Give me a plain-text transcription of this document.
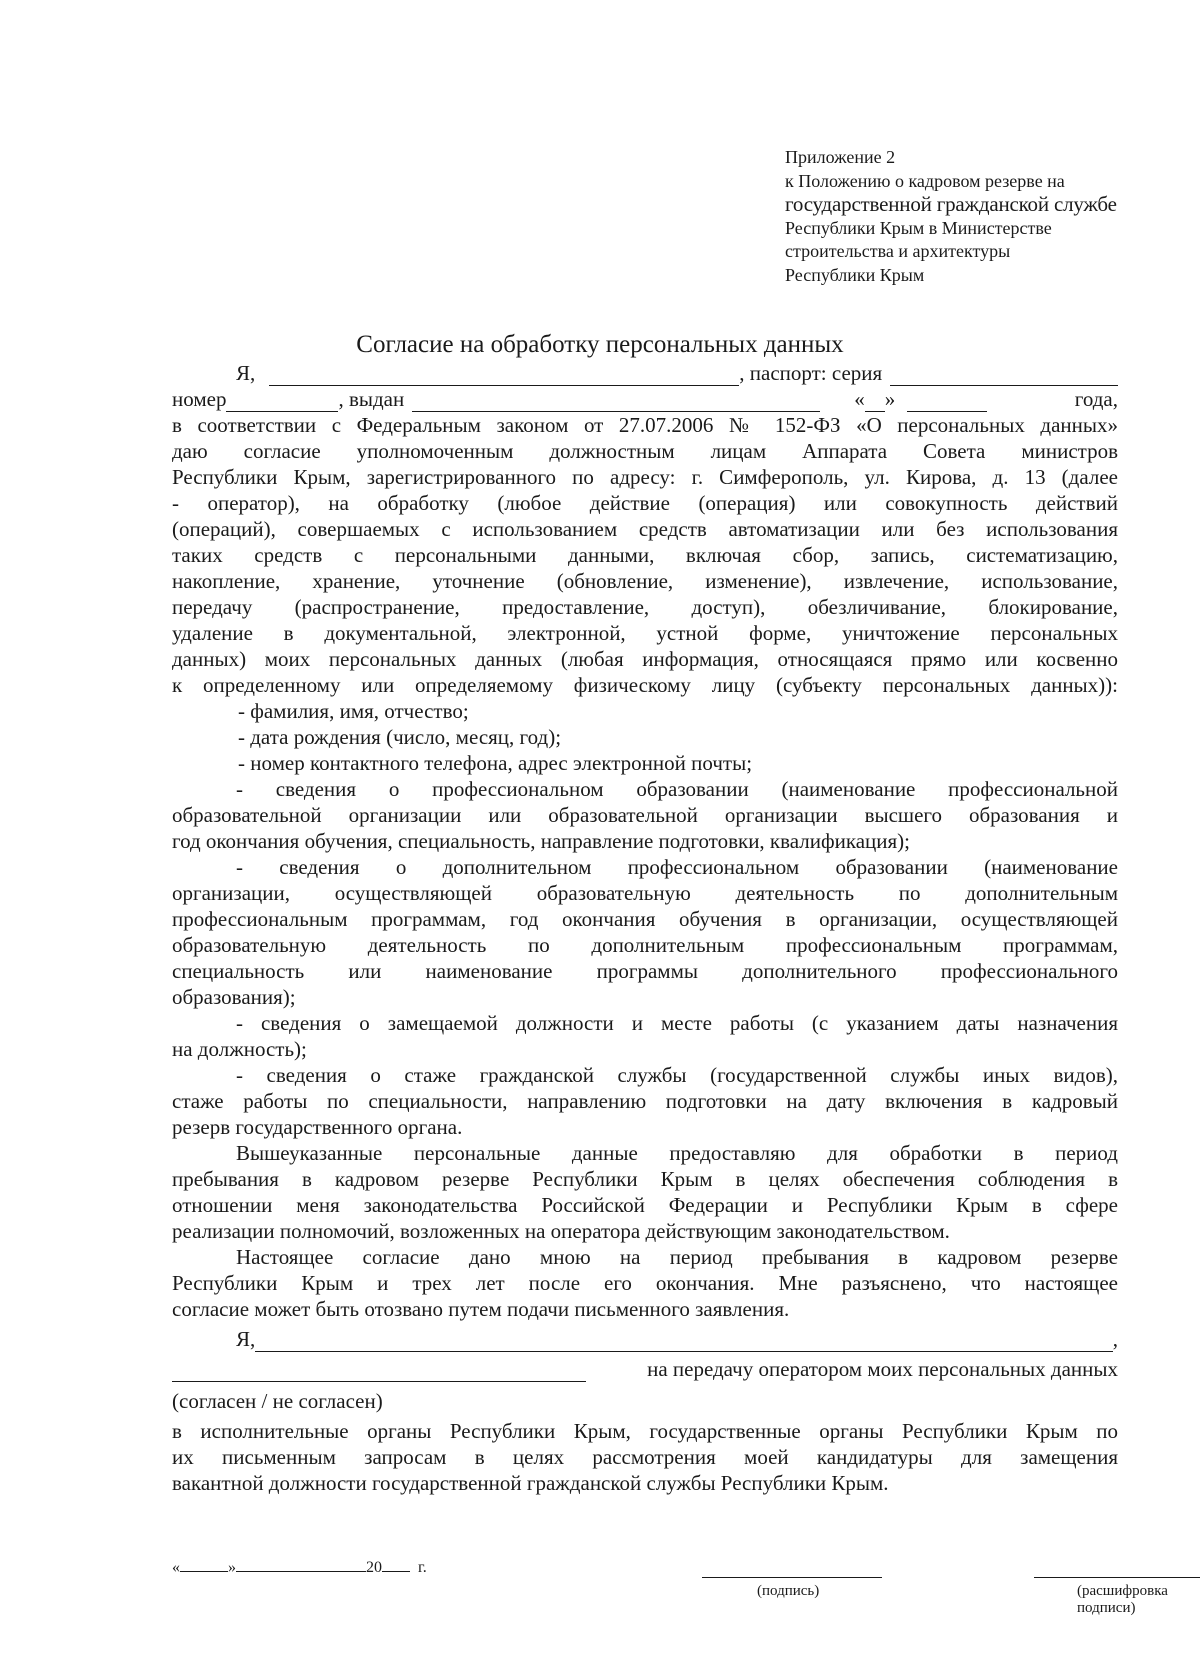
Приложение 2
к Положению о кадровом резерве на
государственной гражданской службе
Республики Крым в Министерстве
строительства и архитектуры
Республики Крым
Согласие на обработку персональных данных
Я,	, паспорт: серия
номер	, выдан	« »	года,

в соответствии с Федеральным законом от 27.07.2006 № 152-ФЗ «О персональных данных»

даю согласие уполномоченным должностным лицам Аппарата Совета министров

Республики Крым, зарегистрированного по адресу: г. Симферополь, ул. Кирова, д. 13 (далее

- оператор), на обработку (любое действие (операция) или совокупность действий

(операций), совершаемых с использованием средств автоматизации или без использования

таких средств с персональными данными, включая сбор, запись, систематизацию,

накопление, хранение, уточнение (обновление, изменение), извлечение, использование,

передачу (распространение, предоставление, доступ), обезличивание, блокирование,

удаление в документальной, электронной, устной форме, уничтожение персональных

данных) моих персональных данных (любая информация, относящаяся прямо или косвенно

к определенному или определяемому физическому лицу (субъекту персональных данных)):

- фамилия, имя, отчество;

- дата рождения (число, месяц, год);

- номер контактного телефона, адрес электронной почты;

- сведения о профессиональном образовании (наименование профессиональной

образовательной организации или образовательной организации высшего образования и

год окончания обучения, специальность, направление подготовки, квалификация);

- сведения о дополнительном профессиональном образовании (наименование

организации, осуществляющей образовательную деятельность по дополнительным

профессиональным программам, год окончания обучения в организации, осуществляющей

образовательную деятельность по дополнительным профессиональным программам,

специальность или наименование программы дополнительного профессионального

образования);

- сведения о замещаемой должности и месте работы (с указанием даты назначения

на должность);

- сведения о стаже гражданской службы (государственной службы иных видов),

стаже работы по специальности, направлению подготовки на дату включения в кадровый

резерв государственного органа.

Вышеуказанные персональные данные предоставляю для обработки в период

пребывания в кадровом резерве Республики Крым в целях обеспечения соблюдения в

отношении меня законодательства Российской Федерации и Республики Крым в сфере

реализации полномочий, возложенных на оператора действующим законодательством.

Настоящее согласие дано мною на период пребывания в кадровом резерве

Республики Крым и трех лет после его окончания. Мне разъяснено, что настоящее

согласие может быть отозвано путем подачи письменного заявления.

Я,	,
на передачу оператором моих персональных данных

(согласен / не согласен)

в исполнительные органы Республики Крым, государственные органы Республики Крым по

их письменным запросам в целях рассмотрения моей кандидатуры для замещения

вакантной должности государственной гражданской службы Республики Крым.

«	»	20 г.
(подпись)	(расшифровка подписи)
